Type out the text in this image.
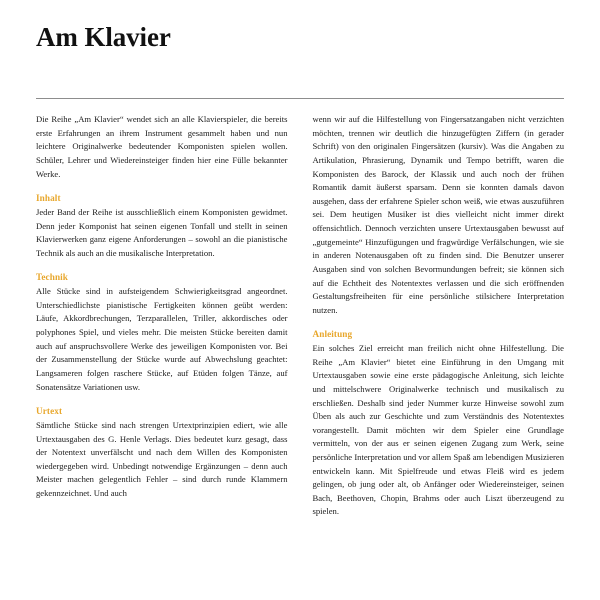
Am Klavier

Die Reihe „Am Klavier“ wendet sich an alle Klavierspieler, die bereits erste Erfahrungen an ihrem Instrument gesammelt haben und nun leichtere Originalwerke bedeutender Komponisten spielen wollen. Schüler, Lehrer und Wiedereinsteiger finden hier eine Fülle bekannter Werke.

Inhalt

Jeder Band der Reihe ist ausschließlich einem Komponisten gewidmet. Denn jeder Komponist hat seinen eigenen Tonfall und stellt in seinen Klavierwerken ganz eigene Anforderungen – sowohl an die pianistische Technik als auch an die musikalische Interpretation.

Technik

Alle Stücke sind in aufsteigendem Schwierigkeitsgrad angeordnet. Unterschiedlichste pianistische Fertigkeiten können geübt werden: Läufe, Akkordbrechungen, Terzparallelen, Triller, akkordisches oder polyphones Spiel, und vieles mehr. Die meisten Stücke bereiten damit auch auf anspruchsvollere Werke des jeweiligen Komponisten vor. Bei der Zusammenstellung der Stücke wurde auf Abwechslung geachtet: Langsameren folgen raschere Stücke, auf Etüden folgen Tänze, auf Sonatensätze Variationen usw.

Urtext

Sämtliche Stücke sind nach strengen Urtextprinzipien ediert, wie alle Urtextausgaben des G. Henle Verlags. Dies bedeutet kurz gesagt, dass der Notentext unverfälscht und nach dem Willen des Komponisten wiedergegeben wird. Unbedingt notwendige Ergänzungen – denn auch Meister machen gelegentlich Fehler – sind durch runde Klammern gekennzeichnet. Und auch

wenn wir auf die Hilfestellung von Fingersatzangaben nicht verzichten möchten, trennen wir deutlich die hinzugefügten Ziffern (in gerader Schrift) von den originalen Fingersätzen (kursiv). Was die Angaben zu Artikulation, Phrasierung, Dynamik und Tempo betrifft, waren die Komponisten des Barock, der Klassik und auch noch der frühen Romantik damit äußerst sparsam. Denn sie konnten damals davon ausgehen, dass der erfahrene Spieler schon weiß, wie etwas auszuführen sei. Dem heutigen Musiker ist dies vielleicht nicht immer direkt offensichtlich. Dennoch verzichten unsere Urtextausgaben bewusst auf „gutgemeinte“ Hinzufügungen und fragwürdige Verfälschungen, wie sie in anderen Notenausgaben oft zu finden sind. Die Benutzer unserer Ausgaben sind von solchen Bevormundungen befreit; sie können sich auf die Echtheit des Notentextes verlassen und die sich eröffnenden Gestaltungsfreiheiten für eine persönliche stilsichere Interpretation nutzen.

Anleitung

Ein solches Ziel erreicht man freilich nicht ohne Hilfestellung. Die Reihe „Am Klavier“ bietet eine Einführung in den Umgang mit Urtextausgaben sowie eine erste pädagogische Anleitung, sich leichte und mittelschwere Originalwerke technisch und musikalisch zu erschließen. Deshalb sind jeder Nummer kurze Hinweise sowohl zum Üben als auch zur Geschichte und zum Verständnis des Notentextes vorangestellt. Damit möchten wir dem Spieler eine Grundlage vermitteln, von der aus er seinen eigenen Zugang zum Werk, seine persönliche Interpretation und vor allem Spaß am lebendigen Musizieren entwickeln kann. Mit Spielfreude und etwas Fleiß wird es jedem gelingen, ob jung oder alt, ob Anfänger oder Wiedereinsteiger, seinen Bach, Beethoven, Chopin, Brahms oder auch Liszt überzeugend zu spielen.
